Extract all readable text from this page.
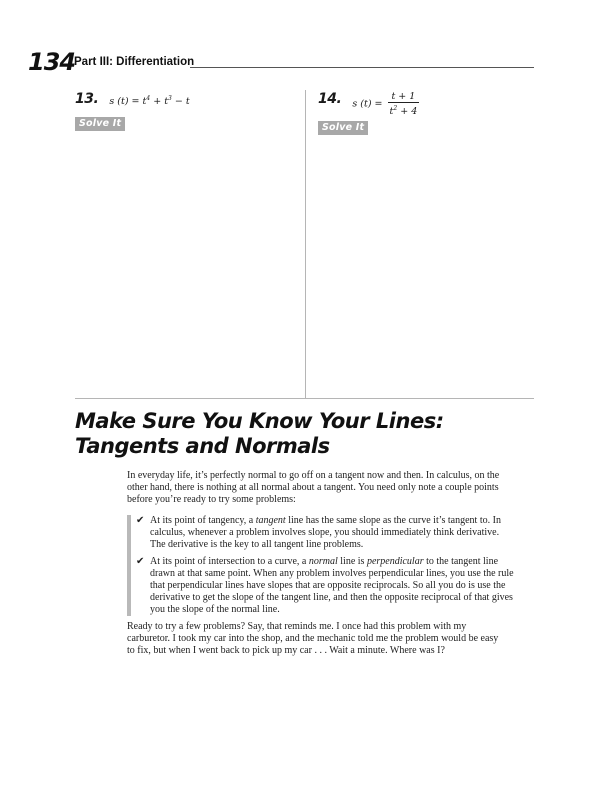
134
Part III: Differentiation
13. s $(t) = t^4 + t^3 - t$
Solve It
14. s $(t) = \frac{t + 1}{t^2 + 4}$
Solve It
Make Sure You Know Your Lines:
Tangents and Normals

In everyday life, it’s perfectly normal to go off on a tangent now and then. In calculus, on the other hand, there is nothing at all normal about a tangent. You need only note a couple points before you’re ready to try some problems:

✔ At its point of tangency, a tangent line has the same slope as the curve it’s tangent to. In calculus, whenever a problem involves slope, you should immediately think derivative. The derivative is the key to all tangent line problems.
✔ At its point of intersection to a curve, a normal line is perpendicular to the tangent line drawn at that same point. When any problem involves perpendicular lines, you use the rule that perpendicular lines have slopes that are opposite reciprocals. So all you do is use the derivative to get the slope of the tangent line, and then the opposite reciprocal of that gives you the slope of the normal line.

Ready to try a few problems? Say, that reminds me. I once had this problem with my carburetor. I took my car into the shop, and the mechanic told me the problem would be easy to fix, but when I went back to pick up my car . . . Wait a minute. Where was I?
